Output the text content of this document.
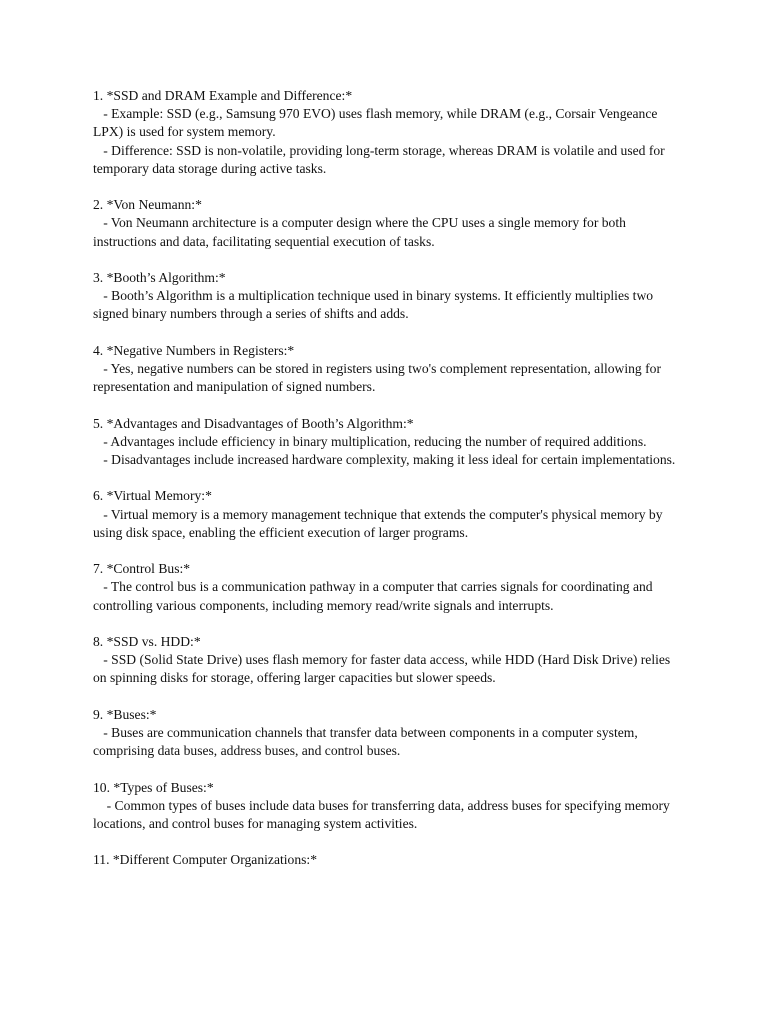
1. *SSD and DRAM Example and Difference:*
- Example: SSD (e.g., Samsung 970 EVO) uses flash memory, while DRAM (e.g., Corsair Vengeance LPX) is used for system memory.
- Difference: SSD is non-volatile, providing long-term storage, whereas DRAM is volatile and used for temporary data storage during active tasks.
2. *Von Neumann:*
- Von Neumann architecture is a computer design where the CPU uses a single memory for both instructions and data, facilitating sequential execution of tasks.
3. *Booth’s Algorithm:*
- Booth’s Algorithm is a multiplication technique used in binary systems. It efficiently multiplies two signed binary numbers through a series of shifts and adds.
4. *Negative Numbers in Registers:*
- Yes, negative numbers can be stored in registers using two's complement representation, allowing for representation and manipulation of signed numbers.
5. *Advantages and Disadvantages of Booth’s Algorithm:*
- Advantages include efficiency in binary multiplication, reducing the number of required additions.
- Disadvantages include increased hardware complexity, making it less ideal for certain implementations.
6. *Virtual Memory:*
- Virtual memory is a memory management technique that extends the computer's physical memory by using disk space, enabling the efficient execution of larger programs.
7. *Control Bus:*
- The control bus is a communication pathway in a computer that carries signals for coordinating and controlling various components, including memory read/write signals and interrupts.
8. *SSD vs. HDD:*
- SSD (Solid State Drive) uses flash memory for faster data access, while HDD (Hard Disk Drive) relies on spinning disks for storage, offering larger capacities but slower speeds.
9. *Buses:*
- Buses are communication channels that transfer data between components in a computer system, comprising data buses, address buses, and control buses.
10. *Types of Buses:*
- Common types of buses include data buses for transferring data, address buses for specifying memory locations, and control buses for managing system activities.
11. *Different Computer Organizations:*
